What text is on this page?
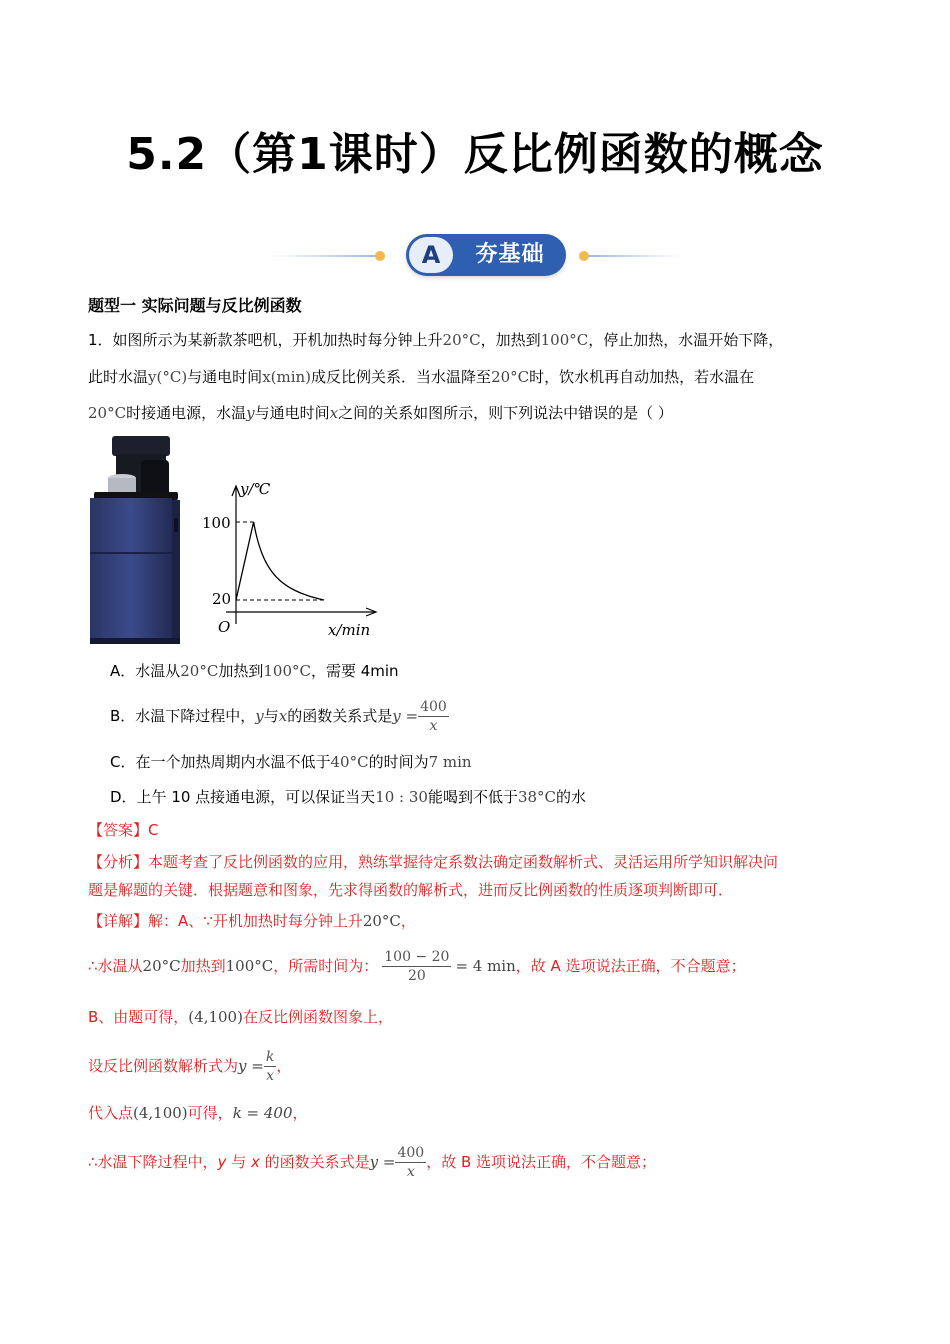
5.2（第1课时）反比例函数的概念
A	夯基础
题型一 实际问题与反比例函数
1．如图所示为某新款茶吧机，开机加热时每分钟上升20°C，加热到100°C，停止加热，水温开始下降，
此时水温y(°C)与通电时间x(min)成反比例关系．当水温降至20°C时，饮水机再自动加热，若水温在
20°C时接通电源，水温y与通电时间x之间的关系如图所示，则下列说法中错误的是（ ）
y/℃
x/min
O
100
20
A．水温从20°C加热到100°C，需要 4min
B．水温下降过程中，y与x的函数关系式是$y = \frac{400}{x}$
C．在一个加热周期内水温不低于40°C的时间为7 min
D．上午 10 点接通电源，可以保证当天10 : 30能喝到不低于38°C的水
【答案】C
【分析】本题考查了反比例函数的应用，熟练掌握待定系数法确定函数解析式、灵活运用所学知识解决问
题是解题的关键．根据题意和图象，先求得函数的解析式，进而反比例函数的性质逐项判断即可．
【详解】解：A、∵开机加热时每分钟上升20°C，
∴水温从20°C加热到100°C，所需时间为： $\frac{100 - 20}{20} = 4$ min，故 A 选项说法正确，不合题意；
B、由题可得，(4,100)在反比例函数图象上，
设反比例函数解析式为$y = \frac{k}{x}$ ，
代入点(4,100)可得，k = 400，
∴水温下降过程中，y 与 x 的函数关系式是$y = \frac{400}{x}$ ，故 B 选项说法正确，不合题意；
